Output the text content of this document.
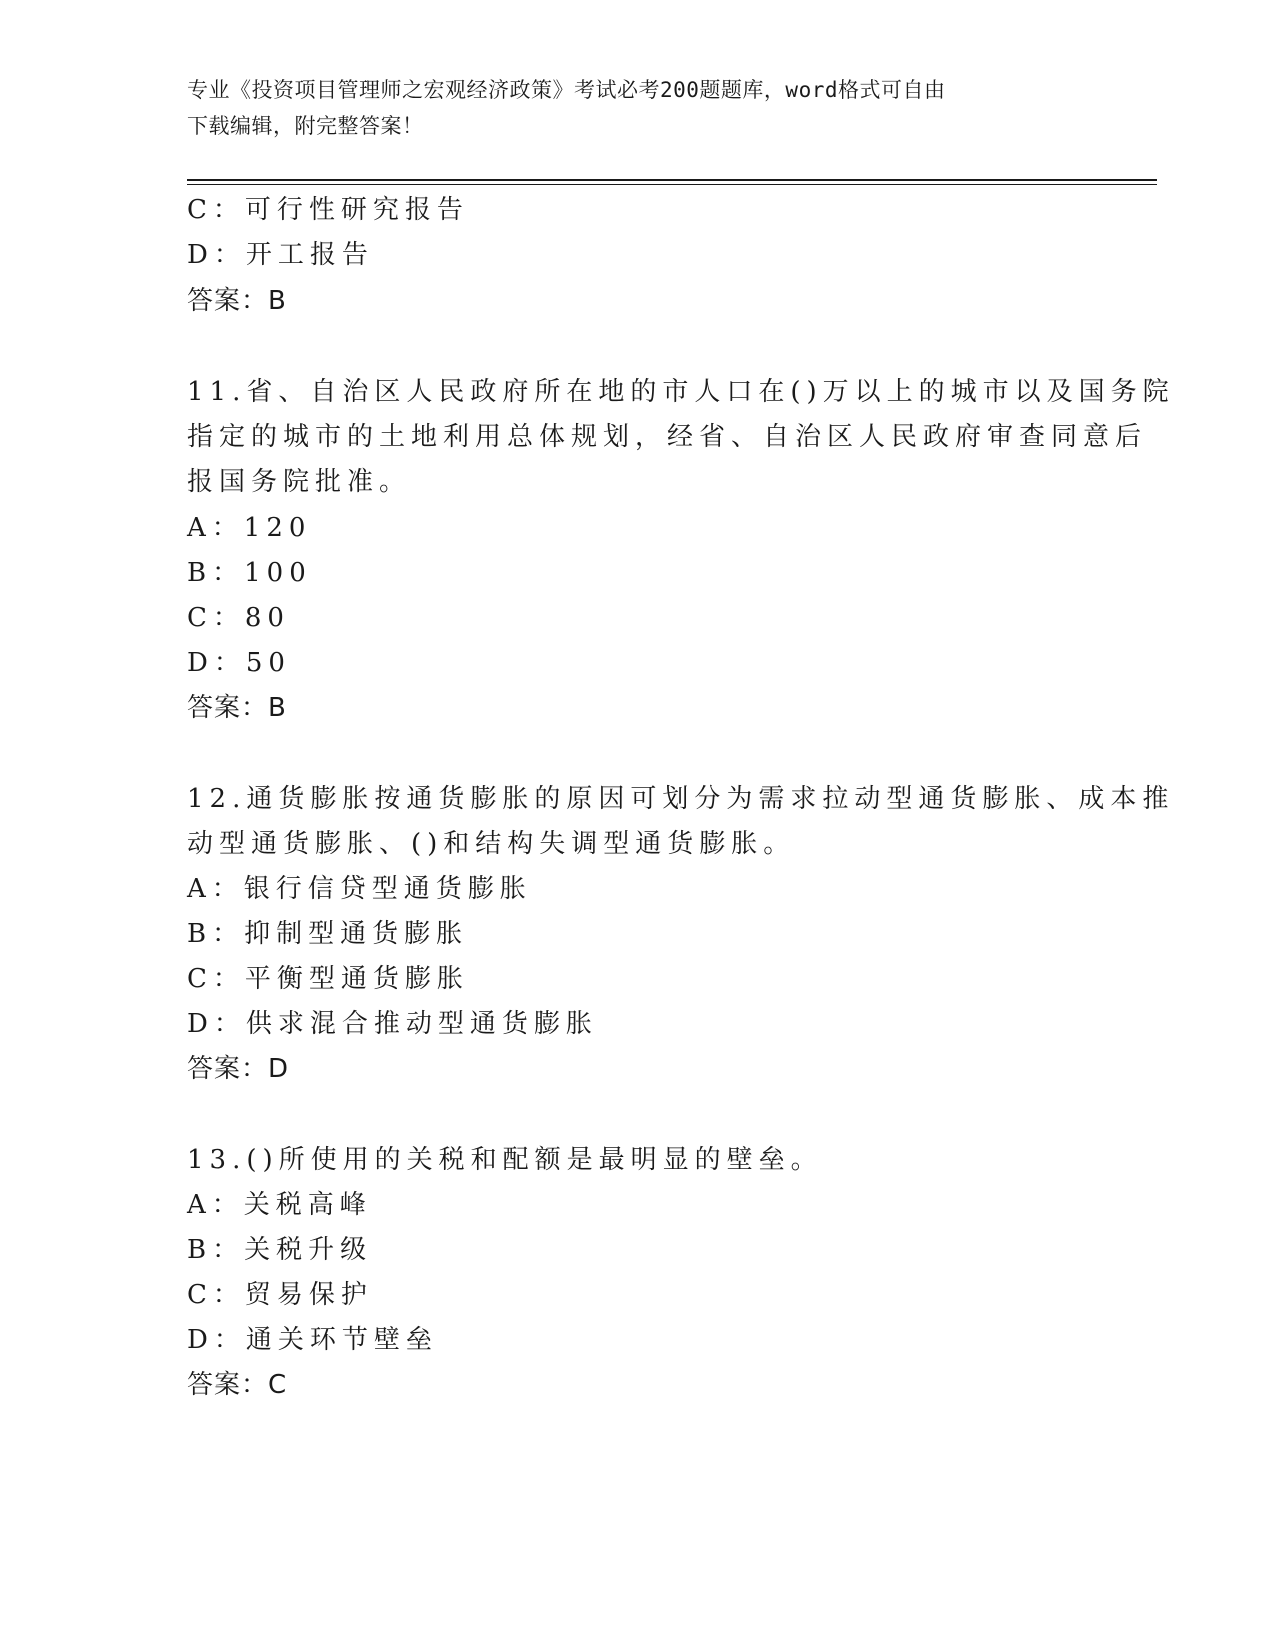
专业《投资项目管理师之宏观经济政策》考试必考200题题库，word格式可自由
下载编辑，附完整答案！
C：可行性研究报告
D：开工报告
答案：B
11.省、自治区人民政府所在地的市人口在()万以上的城市以及国务院
指定的城市的土地利用总体规划，经省、自治区人民政府审查同意后
报国务院批准。
A：120
B：100
C：80
D：50
答案：B
12.通货膨胀按通货膨胀的原因可划分为需求拉动型通货膨胀、成本推
动型通货膨胀、()和结构失调型通货膨胀。
A：银行信贷型通货膨胀
B：抑制型通货膨胀
C：平衡型通货膨胀
D：供求混合推动型通货膨胀
答案：D
13.()所使用的关税和配额是最明显的壁垒。
A：关税高峰
B：关税升级
C：贸易保护
D：通关环节壁垒
答案：C
